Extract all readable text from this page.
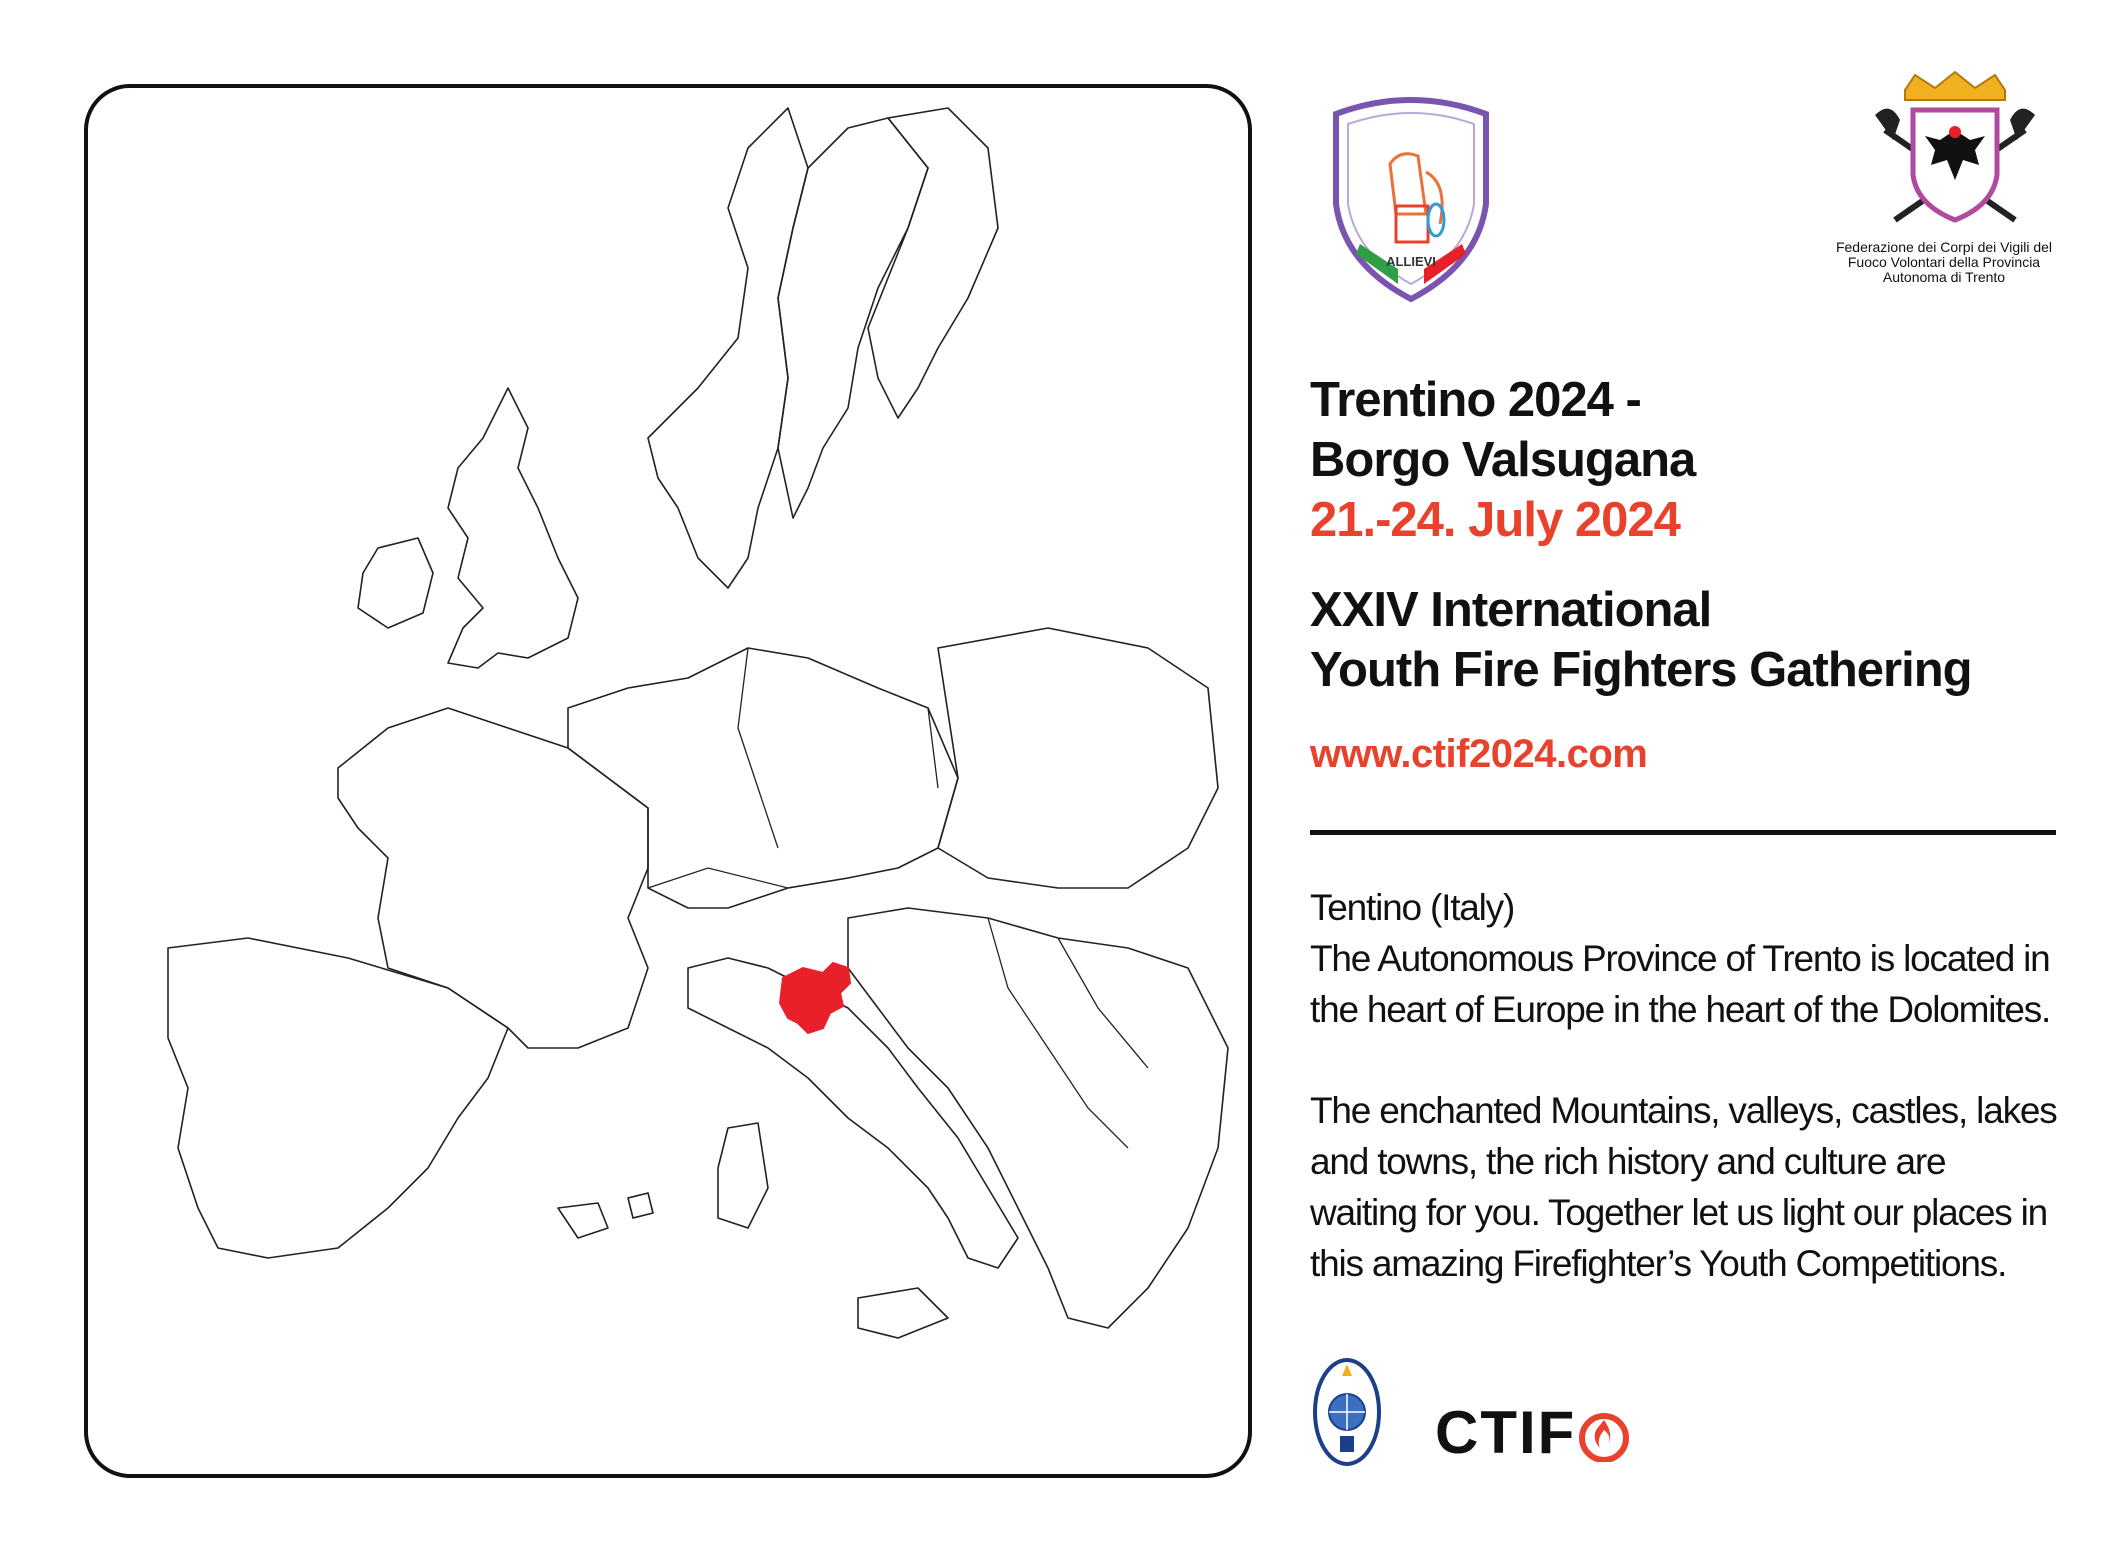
ALLIEVI
Federazione dei Corpi dei Vigili del Fuoco Volontari della Provincia Autonoma di Trento
Trentino 2024 -
Borgo Valsugana
21.-24. July 2024
XXIV International
Youth Fire Fighters Gathering
www.ctif2024.com

Tentino (Italy)

The Autonomous Province of Trento is located in

the heart of Europe in the heart of the Dolomites.

The enchanted Mountains, valleys, castles, lakes

and towns, the rich history and culture are

waiting for you. Together let us light our places in

this amazing Firefighter’s Youth Competitions.

CTIF
